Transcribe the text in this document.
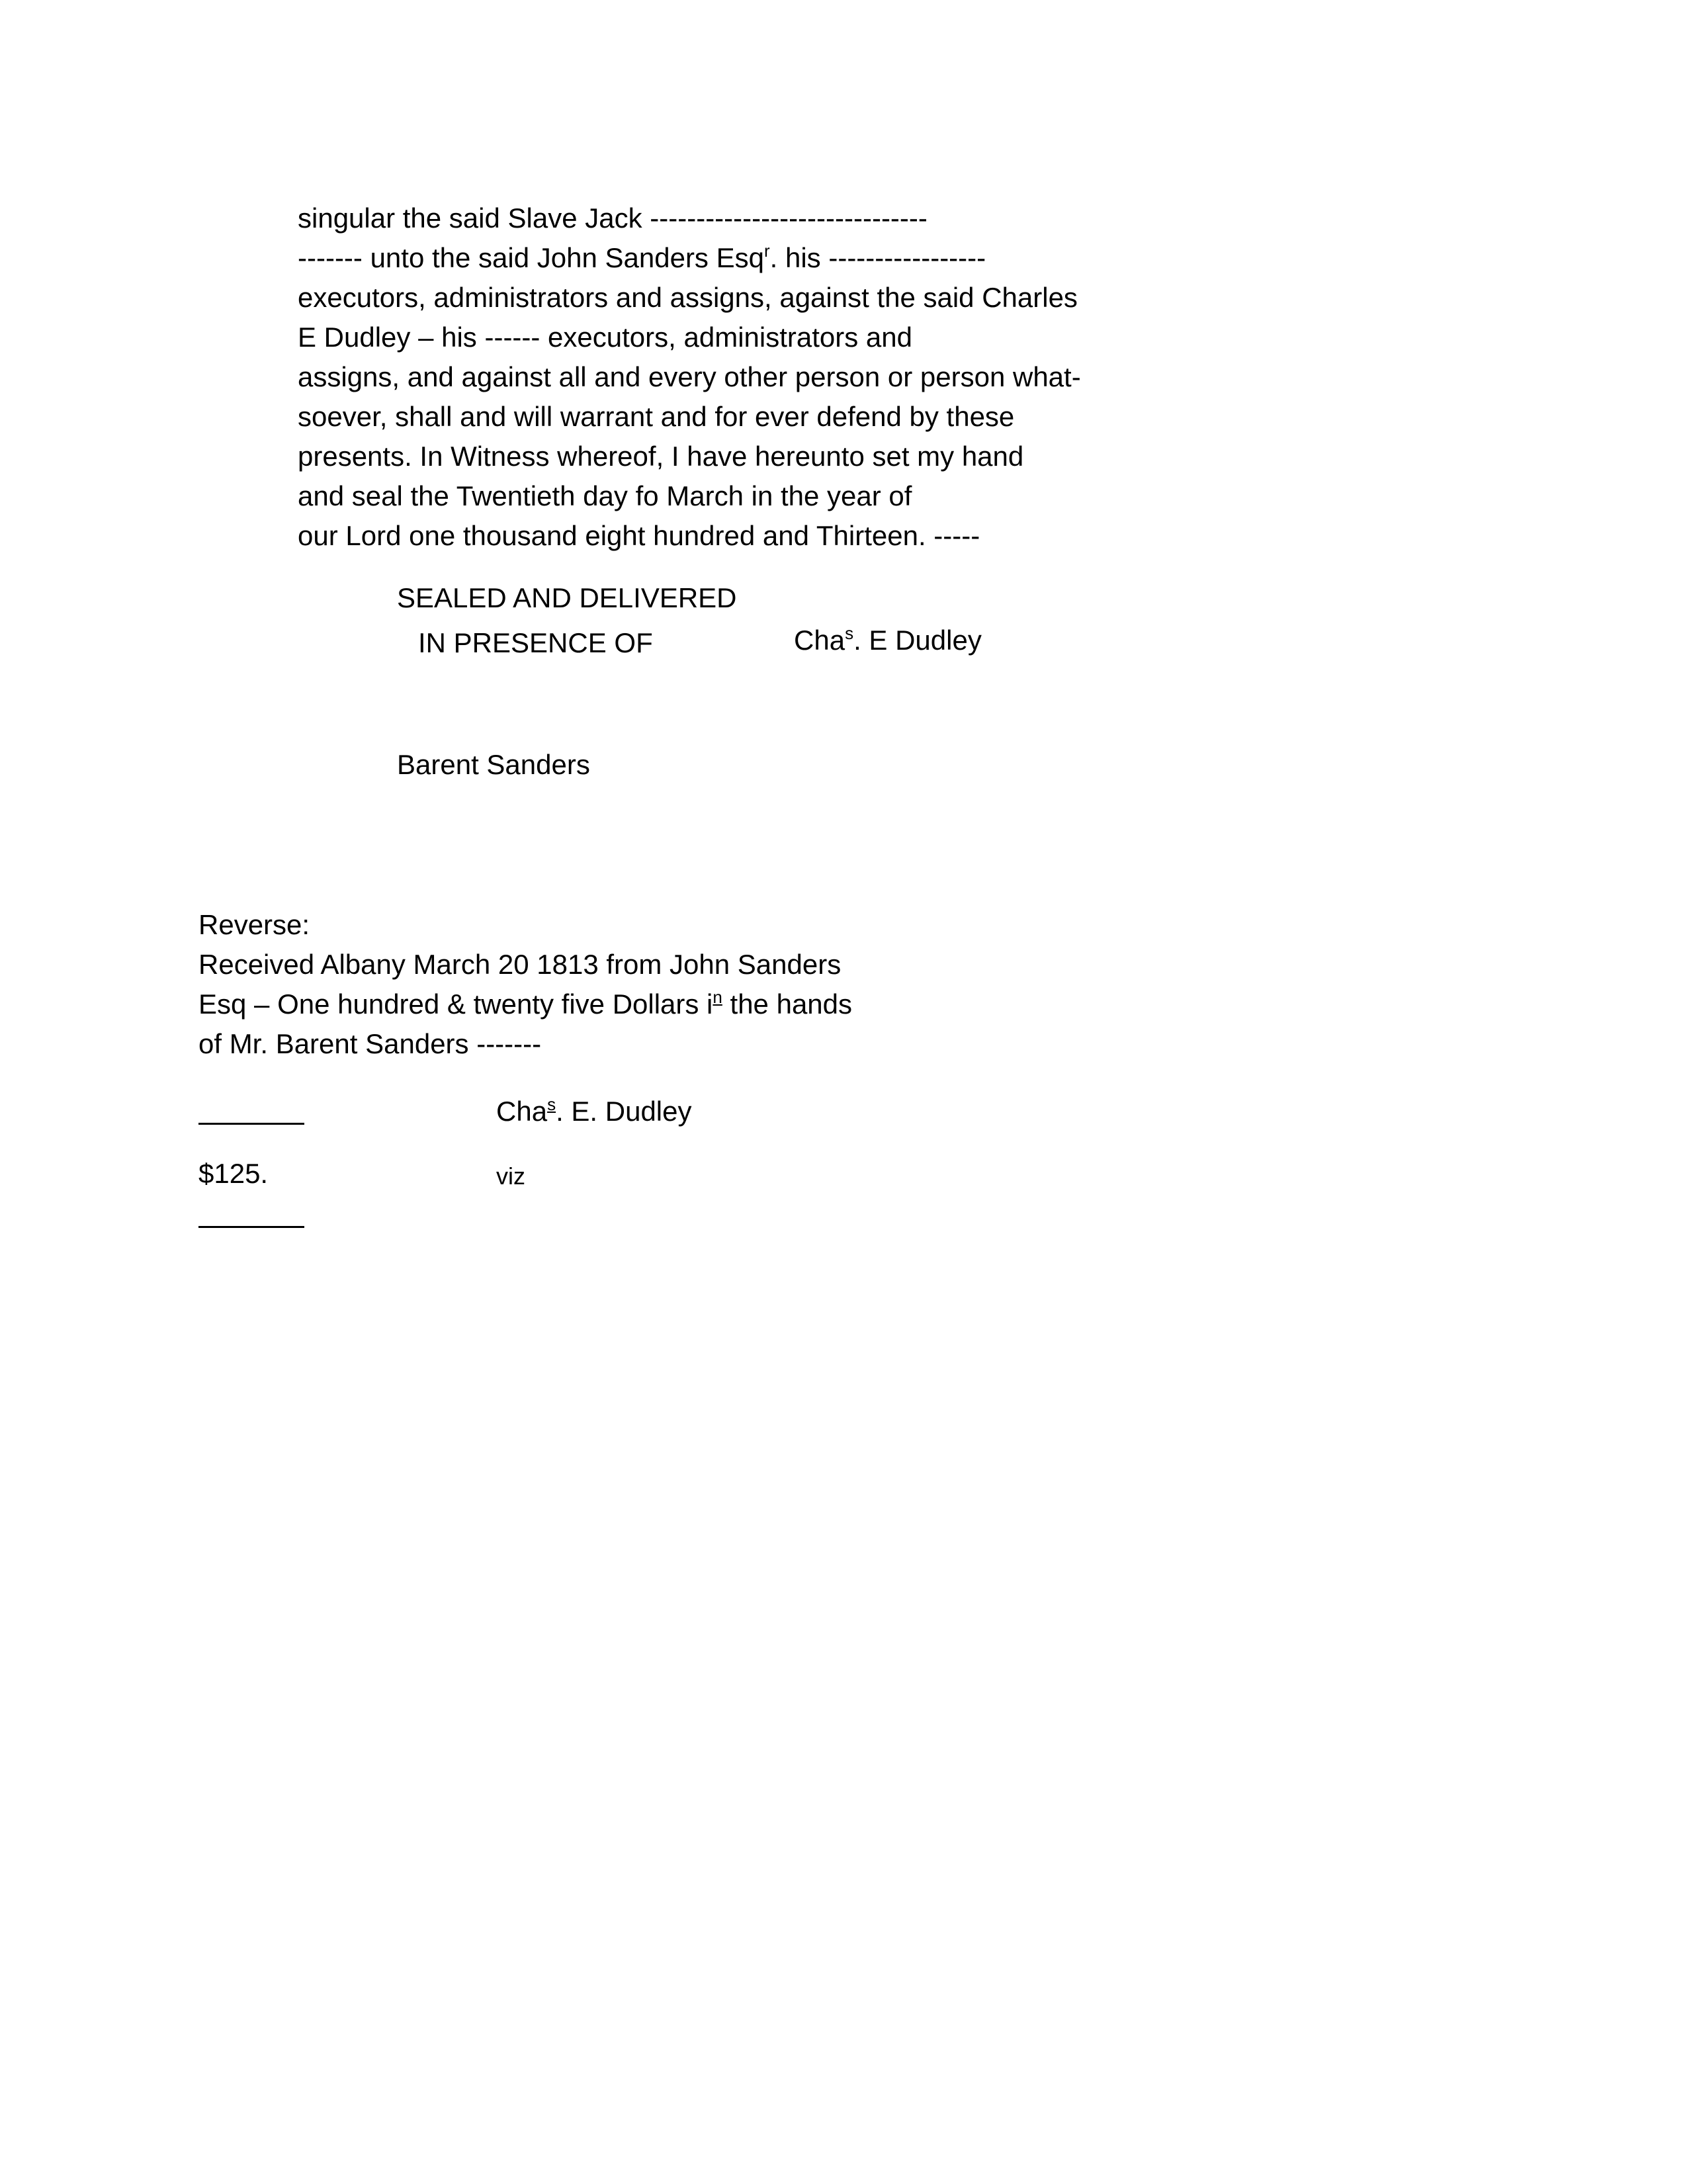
singular the said Slave Jack ------------------------------
------- unto the said John Sanders Esq$^r$. his -----------------
executors, administrators and assigns, against the said Charles
E Dudley – his ------ executors, administrators and
assigns, and against all and every other person or person what-
soever, shall and will warrant and for ever defend by these
presents. In Witness whereof, I have hereunto set my hand
and seal the Twentieth day fo March in the year of
our Lord one thousand eight hundred and Thirteen. -----
SEALED AND DELIVERED
IN PRESENCE OF	Cha$^s$. E Dudley
Barent Sanders
Reverse:
Received Albany March 20 1813 from John Sanders
Esq – One hundred & twenty five Dollars $i^n$ the hands
of Mr. Barent Sanders -------
Cha$^s$. E. Dudley
$125.	viz
